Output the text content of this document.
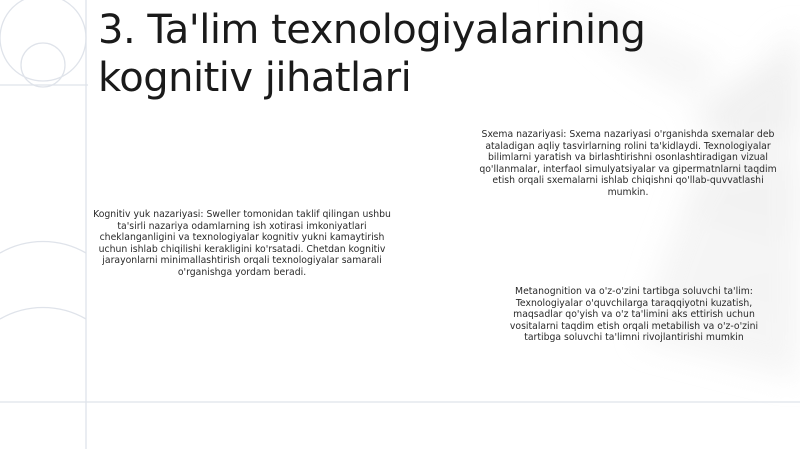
3. Ta'lim texnologiyalarining kognitiv jihatlari

Sxema nazariyasi: Sxema nazariyasi o'rganishda sxemalar deb ataladigan aqliy tasvirlarning rolini ta'kidlaydi. Texnologiyalar bilimlarni yaratish va birlashtirishni osonlashtiradigan vizual qo'llanmalar, interfaol simulyatsiyalar va gipermatnlarni taqdim etish orqali sxemalarni ishlab chiqishni qo'llab-quvvatlashi mumkin.

Kognitiv yuk nazariyasi: Sweller tomonidan taklif qilingan ushbu ta'sirli nazariya odamlarning ish xotirasi imkoniyatlari cheklanganligini va texnologiyalar kognitiv yukni kamaytirish uchun ishlab chiqilishi kerakligini ko'rsatadi. Chetdan kognitiv jarayonlarni minimallashtirish orqali texnologiyalar samarali o'rganishga yordam beradi.

Metanognition va o'z-o'zini tartibga soluvchi ta'lim: Texnologiyalar o'quvchilarga taraqqiyotni kuzatish, maqsadlar qo'yish va o'z ta'limini aks ettirish uchun vositalarni taqdim etish orqali metabilish va o'z-o'zini tartibga soluvchi ta'limni rivojlantirishi mumkin
